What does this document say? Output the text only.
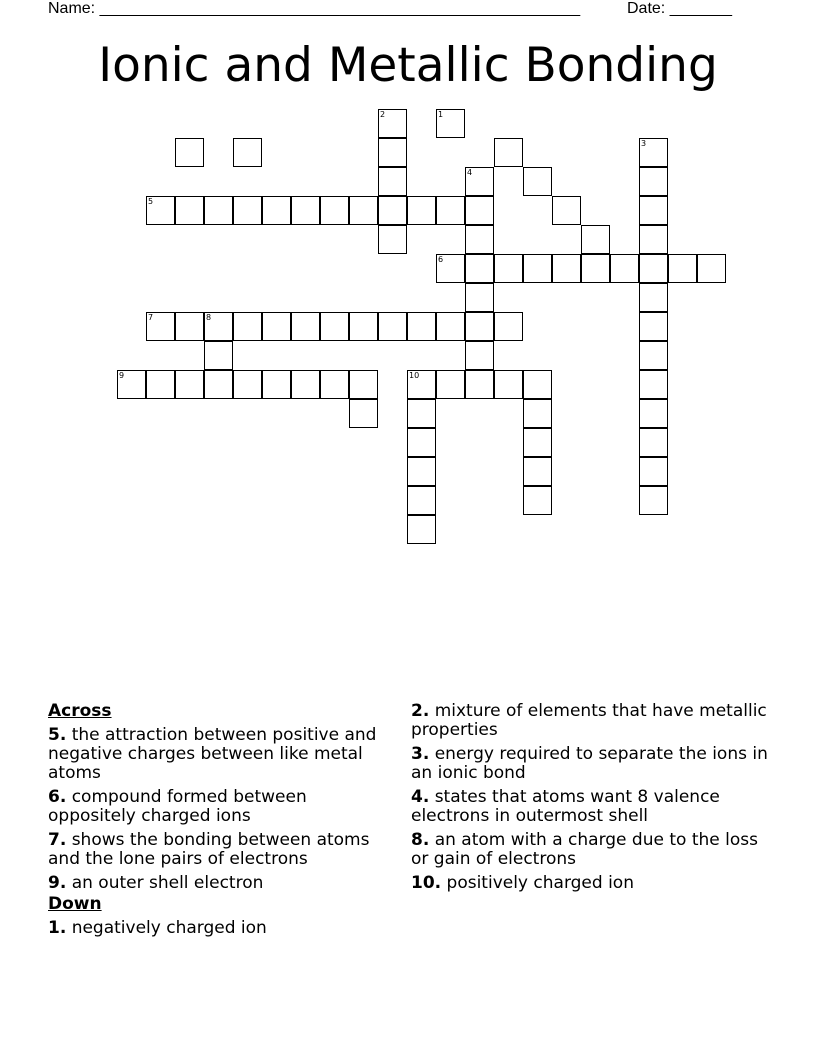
Name: ______________________________________________________	Date: _______
Ionic and Metallic Bonding
1
2
3
4
5
6
7	8
9	10
Across
5. the attraction between positive and negative charges between like metal atoms
6. compound formed between oppositely charged ions
7. shows the bonding between atoms and the lone pairs of electrons
9. an outer shell electron
Down
1. negatively charged ion
2. mixture of elements that have metallic properties
3. energy required to separate the ions in an ionic bond
4. states that atoms want 8 valence electrons in outermost shell
8. an atom with a charge due to the loss or gain of electrons
10. positively charged ion
